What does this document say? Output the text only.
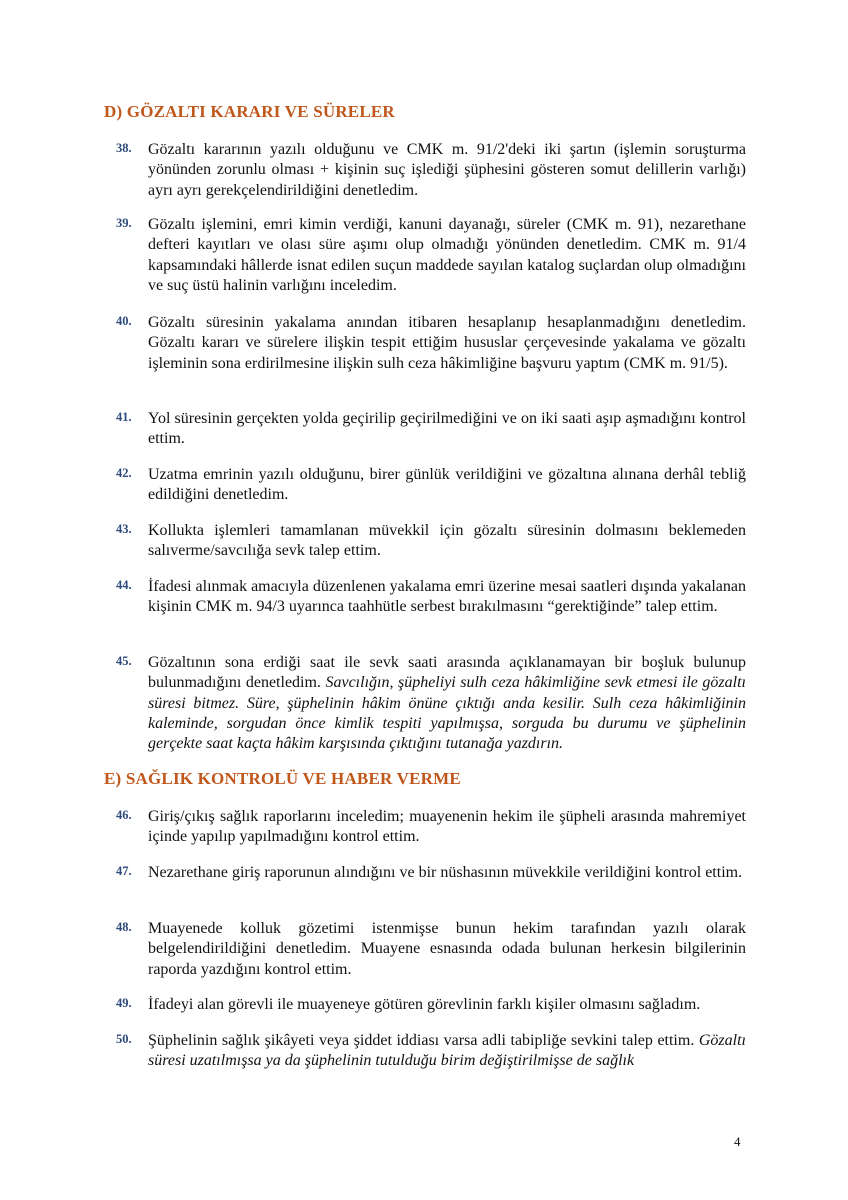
D) GÖZALTI KARARI VE SÜRELER
38. Gözaltı kararının yazılı olduğunu ve CMK m. 91/2'deki iki şartın (işlemin soruşturma yönünden zorunlu olması + kişinin suç işlediği şüphesini gösteren somut delillerin varlığı) ayrı ayrı gerekçelendirildiğini denetledim.
39. Gözaltı işlemini, emri kimin verdiği, kanuni dayanağı, süreler (CMK m. 91), nezarethane defteri kayıtları ve olası süre aşımı olup olmadığı yönünden denetledim. CMK m. 91/4 kapsamındaki hâllerde isnat edilen suçun maddede sayılan katalog suçlardan olup olmadığını ve suç üstü halinin varlığını inceledim.
40. Gözaltı süresinin yakalama anından itibaren hesaplanıp hesaplanmadığını denetledim. Gözaltı kararı ve sürelere ilişkin tespit ettiğim hususlar çerçevesinde yakalama ve gözaltı işleminin sona erdirilmesine ilişkin sulh ceza hâkimliğine başvuru yaptım (CMK m. 91/5).
41. Yol süresinin gerçekten yolda geçirilip geçirilmediğini ve on iki saati aşıp aşmadığını kontrol ettim.
42. Uzatma emrinin yazılı olduğunu, birer günlük verildiğini ve gözaltına alınana derhâl tebliğ edildiğini denetledim.
43. Kollukta işlemleri tamamlanan müvekkil için gözaltı süresinin dolmasını beklemeden salıverme/savcılığa sevk talep ettim.
44. İfadesi alınmak amacıyla düzenlenen yakalama emri üzerine mesai saatleri dışında yakalanan kişinin CMK m. 94/3 uyarınca taahhütle serbest bırakılmasını “gerektiğinde” talep ettim.
45. Gözaltının sona erdiği saat ile sevk saati arasında açıklanamayan bir boşluk bulunup bulunmadığını denetledim. Savcılığın, şüpheliyi sulh ceza hâkimliğine sevk etmesi ile gözaltı süresi bitmez. Süre, şüphelinin hâkim önüne çıktığı anda kesilir. Sulh ceza hâkimliğinin kaleminde, sorgudan önce kimlik tespiti yapılmışsa, sorguda bu durumu ve şüphelinin gerçekte saat kaçta hâkim karşısında çıktığını tutanağa yazdırın.
E) SAĞLIK KONTROLÜ VE HABER VERME
46. Giriş/çıkış sağlık raporlarını inceledim; muayenenin hekim ile şüpheli arasında mahremiyet içinde yapılıp yapılmadığını kontrol ettim.
47. Nezarethane giriş raporunun alındığını ve bir nüshasının müvekkile verildiğini kontrol ettim.
48. Muayenede kolluk gözetimi istenmişse bunun hekim tarafından yazılı olarak belgelendirildiğini denetledim. Muayene esnasında odada bulunan herkesin bilgilerinin raporda yazdığını kontrol ettim.
49. İfadeyi alan görevli ile muayeneye götüren görevlinin farklı kişiler olmasını sağladım.
50. Şüphelinin sağlık şikâyeti veya şiddet iddiası varsa adli tabipliğe sevkini talep ettim. Gözaltı süresi uzatılmışsa ya da şüphelinin tutulduğu birim değiştirilmişse de sağlık
4
